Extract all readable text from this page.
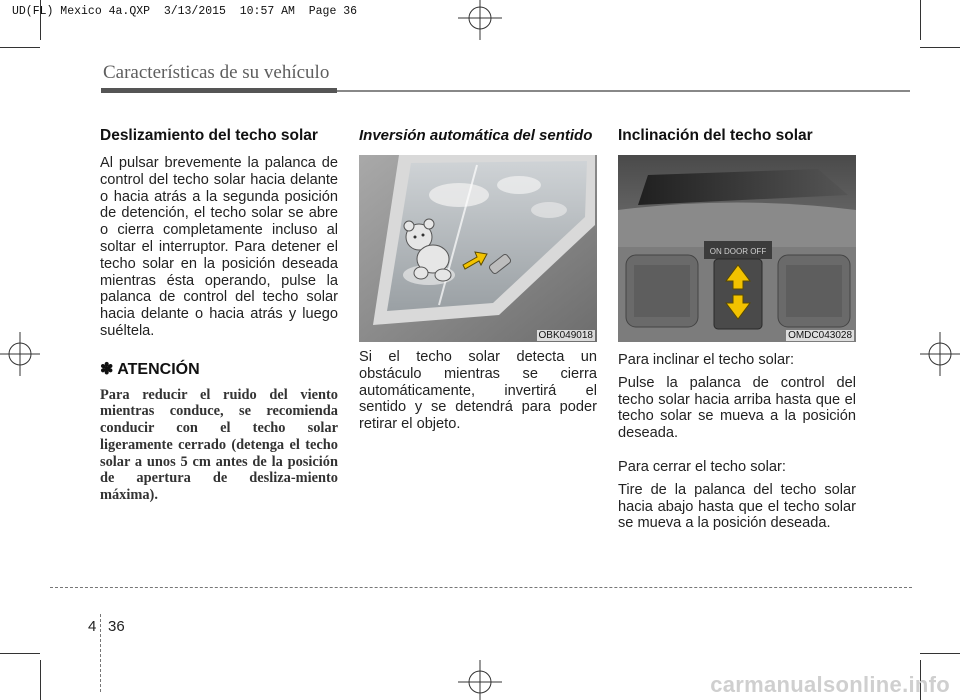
UD(FL) Mexico 4a.QXP  3/13/2015  10:57 AM  Page 36
Características de su vehículo
Deslizamiento del techo solar

Al pulsar brevemente la palanca de control del techo solar hacia delante o hacia atrás a la segunda posición de detención, el techo solar se abre o cierra completamente incluso al soltar el interruptor. Para detener el techo solar en la posición deseada mientras ésta operando, pulse la palanca de control del techo solar hacia delante o hacia atrás y luego suéltela.

✽ ATENCIÓN

Para reducir el ruido del viento mientras conduce, se recomienda conducir con el techo solar ligeramente cerrado (detenga el techo solar a unos 5 cm antes de la posición de apertura de desliza-miento máxima).

Inversión automática del sentido
OBK049018

Si el techo solar detecta un obstáculo mientras se cierra automáticamente, invertirá el sentido y se detendrá para poder retirar el objeto.

Inclinación del techo solar
ON DOOR OFF
OMDC043028

Para inclinar el techo solar:

Pulse la palanca de control del techo solar hacia arriba hasta que el techo solar se mueva a la posición deseada.

Para cerrar el techo solar:

Tire de la palanca del techo solar hacia abajo hasta que el techo solar se mueva a la posición deseada.

4 36
carmanualsonline.info
